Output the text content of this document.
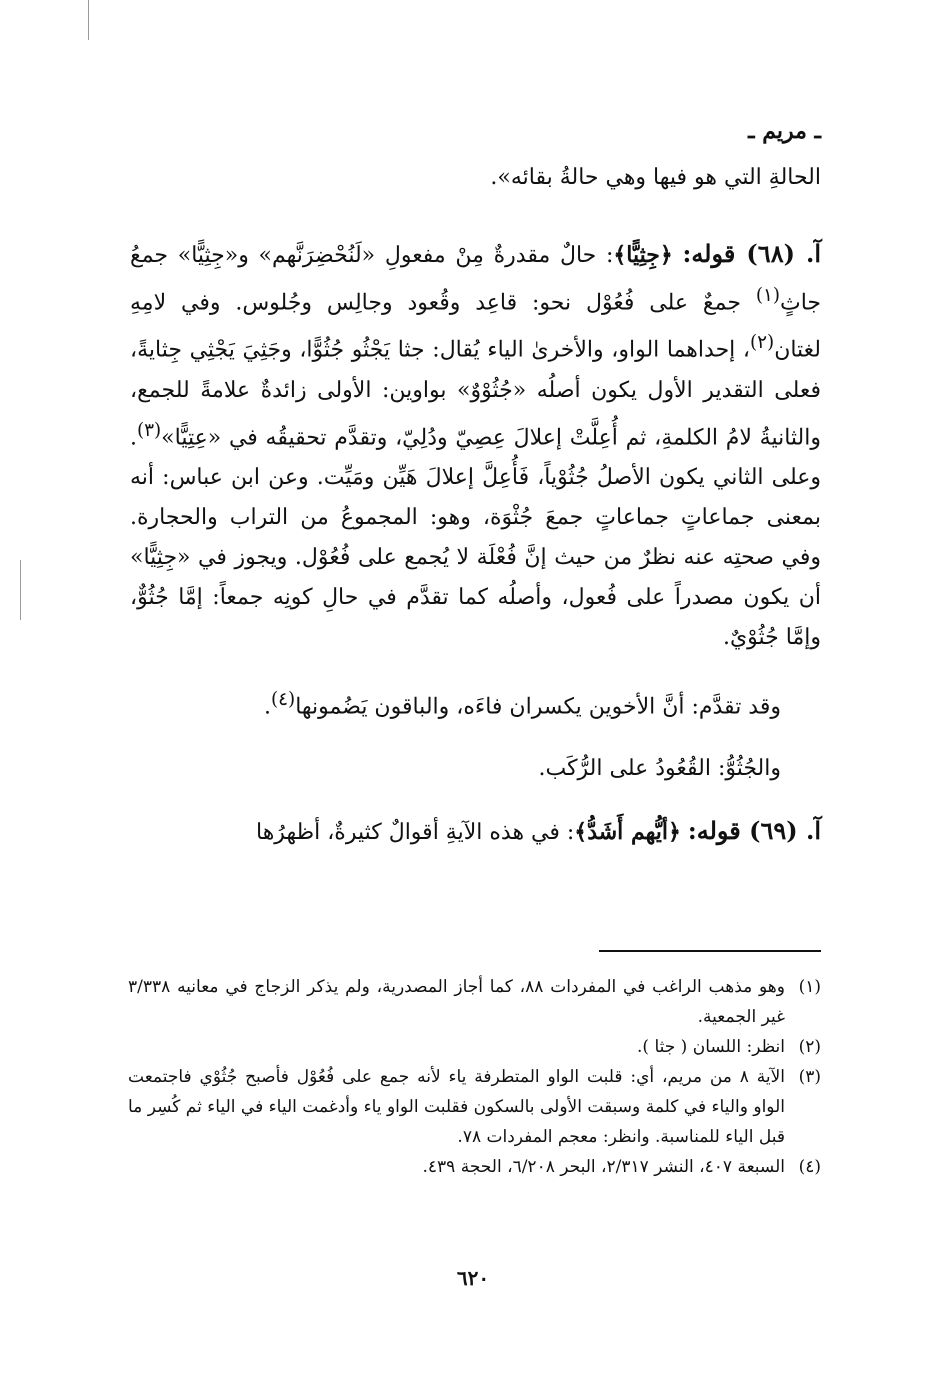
ـ مريم ـ

الحالةِ التي هو فيها وهي حالةُ بقائه».

آ. (٦٨) قوله: ﴿جِثِيًّا﴾: حالٌ مقدرةٌ مِنْ مفعولِ «لَنُحْضِرَنَّهم» و«جِثِيًّا» جمعُ جاثٍ$^{(١)}$ جمعٌ على فُعُوْل نحو: قاعِد وقُعود وجالِس وجُلوس. وفي لامِهِ لغتان$^{(٢)}$، إحداهما الواو، والأخرىٰ الياء يُقال: جثا يَجْثُو جُثُوًّا، وجَثِيَ يَجْثِي جِثايةً، فعلى التقدير الأول يكون أصلُه «جُثُوْوٌ» بواوين: الأولى زائدةٌ علامةً للجمع، والثانيةُ لامُ الكلمةِ، ثم أُعِلَّتْ إعلالَ عِصِيّ ودُلِيّ، وتقدَّم تحقيقُه في «عِتِيًّا»$^{(٣)}$. وعلى الثاني يكون الأصلُ جُثُوْياً، فَأُعِلَّ إعلالَ هَيِّن ومَيِّت. وعن ابن عباس: أنه بمعنى جماعاتٍ جماعاتٍ جمعَ جُثْوَة، وهو: المجموعُ من التراب والحجارة. وفي صحتِه عنه نظرٌ من حيث إنَّ فُعْلَة لا يُجمع على فُعُوْل. ويجوز في «جِثِيًّا» أن يكون مصدراً على فُعول، وأصلُه كما تقدَّم في حالِ كونِه جمعاً: إمَّا جُثُوٌّ، وإمَّا جُثُوْيٌ.

وقد تقدَّم: أنَّ الأخوين يكسران فاءَه، والباقون يَضُمونها$^{(٤)}$.

والجُثُوُّ: القُعُودُ على الرُّكَب.

آ. (٦٩) قوله: ﴿أيُّهم أَشَدُّ﴾: في هذه الآيةِ أقوالٌ كثيرةٌ، أظهرُها

(١)
وهو مذهب الراغب في المفردات ٨٨، كما أجاز المصدرية، ولم يذكر الزجاج في معانيه ٣/٣٣٨ غير الجمعية.
(٢)
انظر: اللسان ( جثا ).
(٣)
الآية ٨ من مريم، أي: قلبت الواو المتطرفة ياء لأنه جمع على فُعُوْل فأصبح جُثُوْي فاجتمعت الواو والياء في كلمة وسبقت الأولى بالسكون فقلبت الواو ياء وأدغمت الياء في الياء ثم كُسِر ما قبل الياء للمناسبة. وانظر: معجم المفردات ٧٨.
(٤)
السبعة ٤٠٧، النشر ٢/٣١٧، البحر ٦/٢٠٨، الحجة ٤٣٩.
٦٢٠
